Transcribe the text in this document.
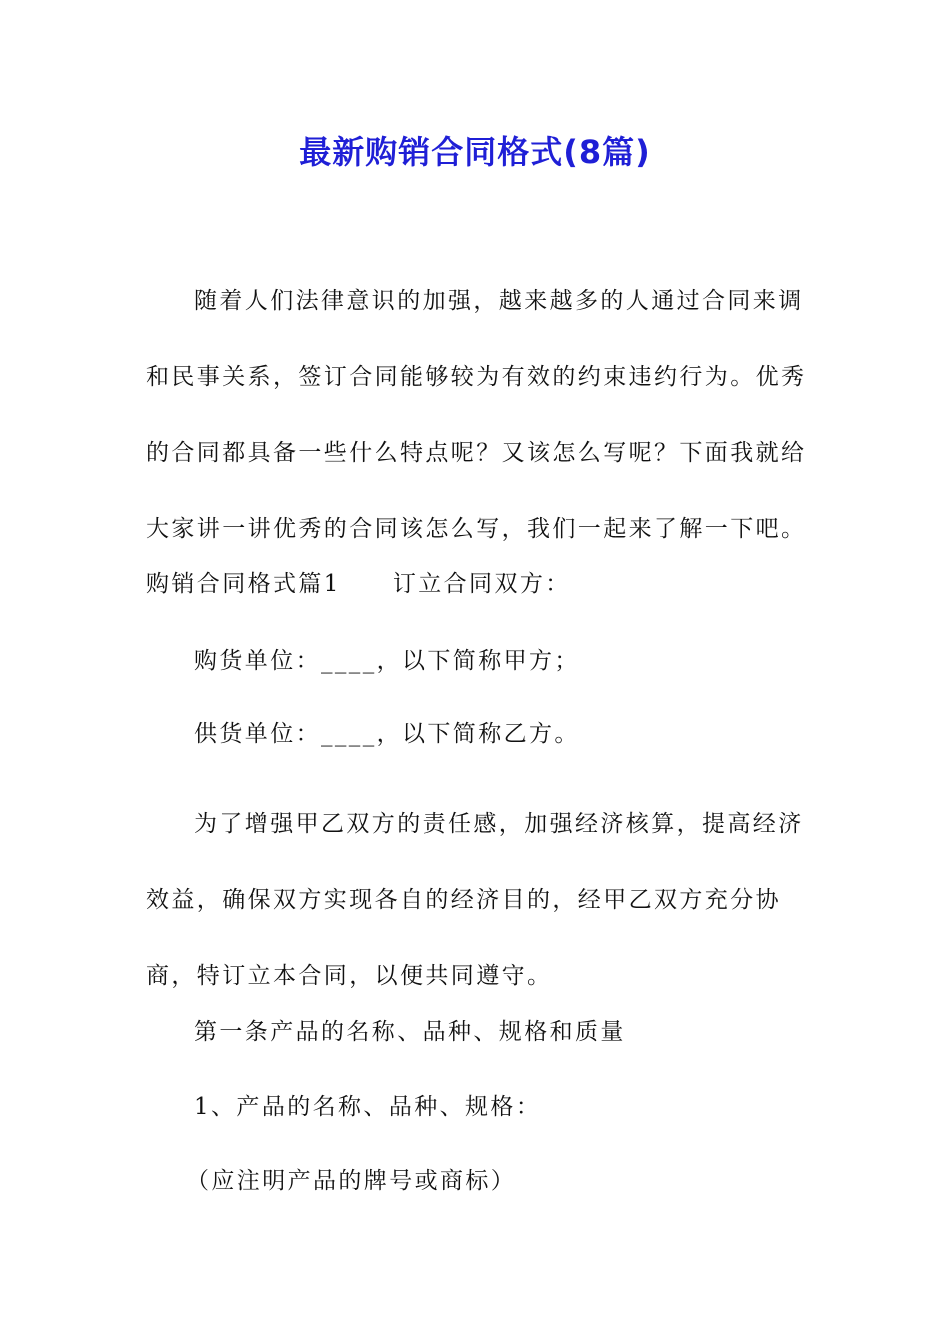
最新购销合同格式(8篇)

随着人们法律意识的加强，越来越多的人通过合同来调和民事关系，签订合同能够较为有效的约束违约行为。优秀的合同都具备一些什么特点呢？又该怎么写呢？下面我就给大家讲一讲优秀的合同该怎么写，我们一起来了解一下吧。

购销合同格式篇1 订立合同双方：
购货单位：____，以下简称甲方；
供货单位：____，以下简称乙方。

为了增强甲乙双方的责任感，加强经济核算，提高经济效益，确保双方实现各自的经济目的，经甲乙双方充分协商，特订立本合同，以便共同遵守。

第一条产品的名称、品种、规格和质量
1、产品的名称、品种、规格：
（应注明产品的牌号或商标）
